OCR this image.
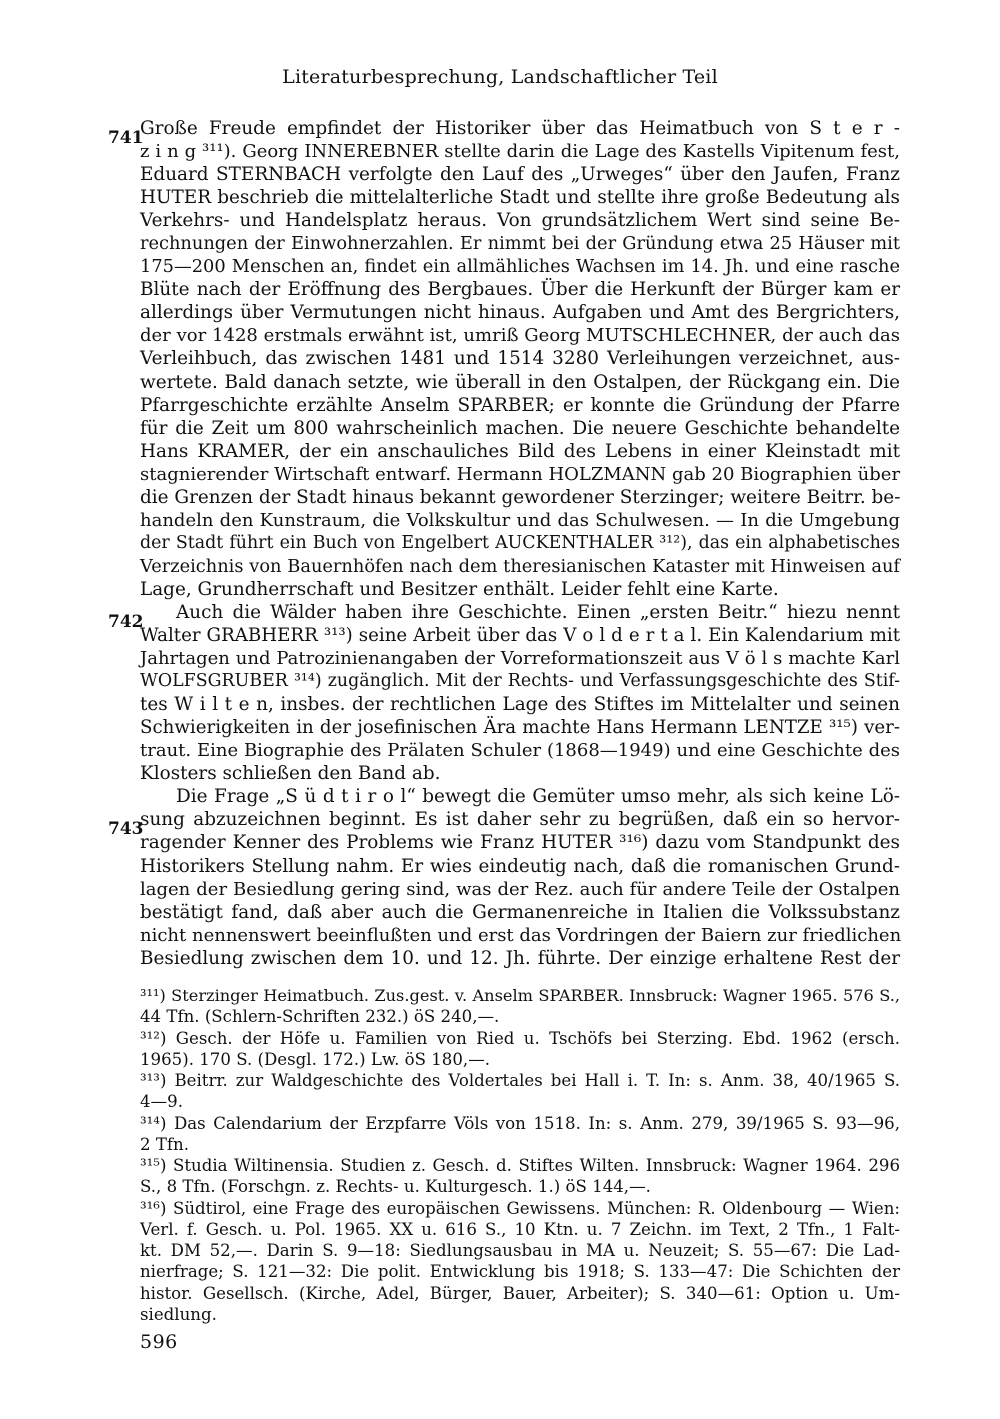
Literaturbesprechung, Landschaftlicher Teil
741
742
743
Große Freude empfindet der Historiker über das Heimatbuch von S t e r -
z i n g ³¹¹). Georg INNEREBNER stellte darin die Lage des Kastells Vipitenum fest,
Eduard STERNBACH verfolgte den Lauf des „Urweges“ über den Jaufen, Franz
HUTER beschrieb die mittelalterliche Stadt und stellte ihre große Bedeutung als
Verkehrs- und Handelsplatz heraus. Von grundsätzlichem Wert sind seine Be-
rechnungen der Einwohnerzahlen. Er nimmt bei der Gründung etwa 25 Häuser mit
175—200 Menschen an, findet ein allmähliches Wachsen im 14. Jh. und eine rasche
Blüte nach der Eröffnung des Bergbaues. Über die Herkunft der Bürger kam er
allerdings über Vermutungen nicht hinaus. Aufgaben und Amt des Bergrichters,
der vor 1428 erstmals erwähnt ist, umriß Georg MUTSCHLECHNER, der auch das
Verleihbuch, das zwischen 1481 und 1514 3280 Verleihungen verzeichnet, aus-
wertete. Bald danach setzte, wie überall in den Ostalpen, der Rückgang ein. Die
Pfarrgeschichte erzählte Anselm SPARBER; er konnte die Gründung der Pfarre
für die Zeit um 800 wahrscheinlich machen. Die neuere Geschichte behandelte
Hans KRAMER, der ein anschauliches Bild des Lebens in einer Kleinstadt mit
stagnierender Wirtschaft entwarf. Hermann HOLZMANN gab 20 Biographien über
die Grenzen der Stadt hinaus bekannt gewordener Sterzinger; weitere Beitrr. be-
handeln den Kunstraum, die Volkskultur und das Schulwesen. — In die Umgebung
der Stadt führt ein Buch von Engelbert AUCKENTHALER ³¹²), das ein alphabetisches
Verzeichnis von Bauernhöfen nach dem theresianischen Kataster mit Hinweisen auf
Lage, Grundherrschaft und Besitzer enthält. Leider fehlt eine Karte.
Auch die Wälder haben ihre Geschichte. Einen „ersten Beitr.“ hiezu nennt
Walter GRABHERR ³¹³) seine Arbeit über das V o l d e r t a l. Ein Kalendarium mit
Jahrtagen und Patrozinienangaben der Vorreformationszeit aus V ö l s machte Karl
WOLFSGRUBER ³¹⁴) zugänglich. Mit der Rechts- und Verfassungsgeschichte des Stif-
tes W i l t e n, insbes. der rechtlichen Lage des Stiftes im Mittelalter und seinen
Schwierigkeiten in der josefinischen Ära machte Hans Hermann LENTZE ³¹⁵) ver-
traut. Eine Biographie des Prälaten Schuler (1868—1949) und eine Geschichte des
Klosters schließen den Band ab.
Die Frage „S ü d t i r o l“ bewegt die Gemüter umso mehr, als sich keine Lö-
sung abzuzeichnen beginnt. Es ist daher sehr zu begrüßen, daß ein so hervor-
ragender Kenner des Problems wie Franz HUTER ³¹⁶) dazu vom Standpunkt des
Historikers Stellung nahm. Er wies eindeutig nach, daß die romanischen Grund-
lagen der Besiedlung gering sind, was der Rez. auch für andere Teile der Ostalpen
bestätigt fand, daß aber auch die Germanenreiche in Italien die Volkssubstanz
nicht nennenswert beeinflußten und erst das Vordringen der Baiern zur friedlichen
Besiedlung zwischen dem 10. und 12. Jh. führte. Der einzige erhaltene Rest der
³¹¹) Sterzinger Heimatbuch. Zus.gest. v. Anselm SPARBER. Innsbruck: Wagner 1965. 576 S.,
44 Tfn. (Schlern-Schriften 232.) öS 240,—.
³¹²) Gesch. der Höfe u. Familien von Ried u. Tschöfs bei Sterzing. Ebd. 1962 (ersch.
1965). 170 S. (Desgl. 172.) Lw. öS 180,—.
³¹³) Beitrr. zur Waldgeschichte des Voldertales bei Hall i. T. In: s. Anm. 38, 40/1965 S.
4—9.
³¹⁴) Das Calendarium der Erzpfarre Völs von 1518. In: s. Anm. 279, 39/1965 S. 93—96,
2 Tfn.
³¹⁵) Studia Wiltinensia. Studien z. Gesch. d. Stiftes Wilten. Innsbruck: Wagner 1964. 296
S., 8 Tfn. (Forschgn. z. Rechts- u. Kulturgesch. 1.) öS 144,—.
³¹⁶) Südtirol, eine Frage des europäischen Gewissens. München: R. Oldenbourg — Wien:
Verl. f. Gesch. u. Pol. 1965. XX u. 616 S., 10 Ktn. u. 7 Zeichn. im Text, 2 Tfn., 1 Falt-
kt. DM 52,—. Darin S. 9—18: Siedlungsausbau in MA u. Neuzeit; S. 55—67: Die Lad-
nierfrage; S. 121—32: Die polit. Entwicklung bis 1918; S. 133—47: Die Schichten der
histor. Gesellsch. (Kirche, Adel, Bürger, Bauer, Arbeiter); S. 340—61: Option u. Um-
siedlung.
596
